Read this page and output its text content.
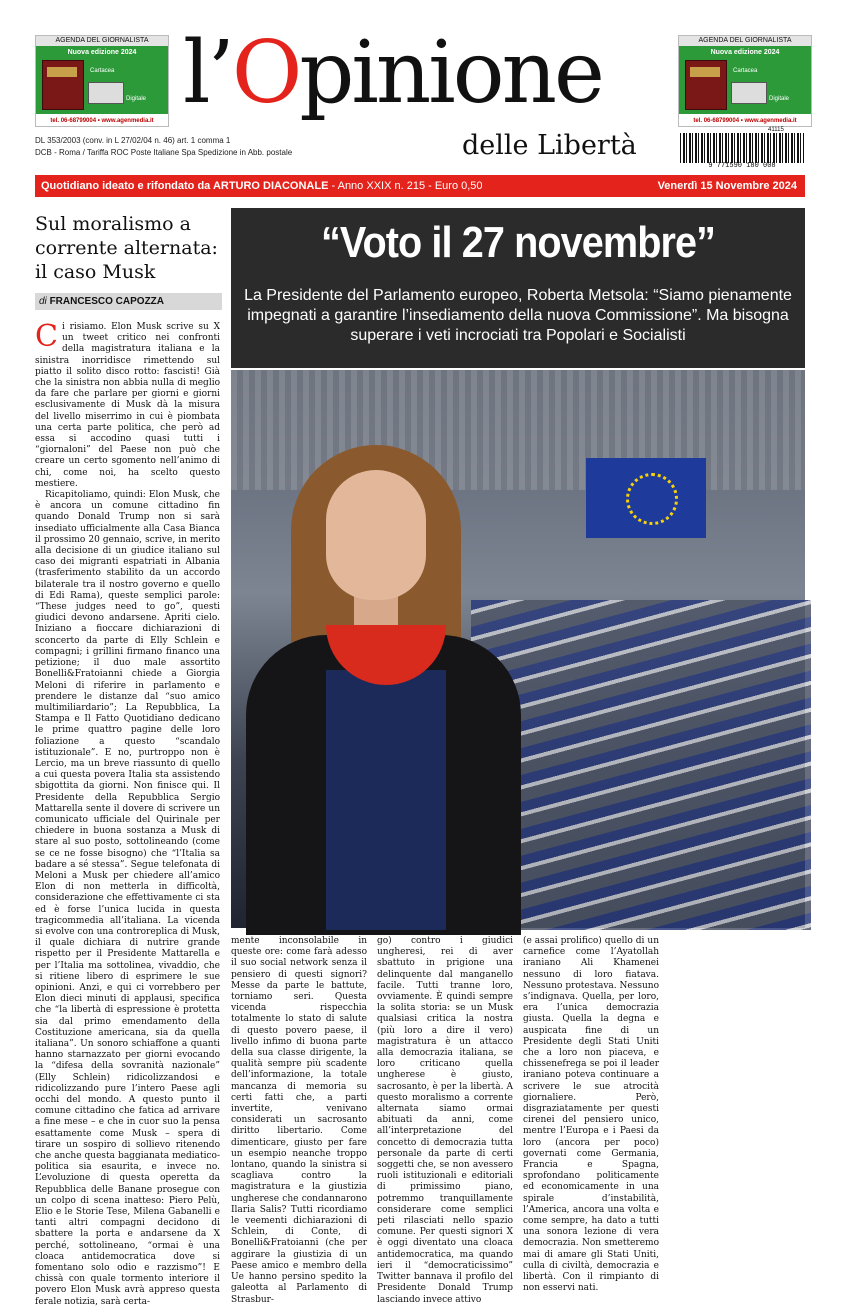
AGENDA DEL GIORNALISTA
Nuova edizione 2024
Cartacea
Digitale
tel. 06-68799004 • www.agenmedia.it
AGENDA DEL GIORNALISTA
Nuova edizione 2024
Cartacea
Digitale
tel. 06-68799004 • www.agenmedia.it
l’Opinione
delle Libertà
DL 353/2003 (conv. in L 27/02/04 n. 46) art. 1 comma 1
DCB - Roma / Tariffa ROC Poste Italiane Spa Spedizione in Abb. postale
41115
9 771590 180 008
Quotidiano ideato e rifondato da ARTURO DIACONALE - Anno XXIX n. 215 - Euro 0,50	Venerdì 15 Novembre 2024
Sul moralismo a corrente alternata: il caso Musk
di FRANCESCO CAPOZZA

Ci risiamo. Elon Musk scrive su X un tweet critico nei confronti della magistratura italiana e la sinistra inorridisce rimettendo sul piatto il solito disco rotto: fascisti! Già che la sinistra non abbia nulla di meglio da fare che parlare per giorni e giorni esclusivamente di Musk dà la misura del livello miserrimo in cui è piombata una certa parte politica, che però ad essa si accodino quasi tutti i “giornaloni” del Paese non può che creare un certo sgomento nell’animo di chi, come noi, ha scelto questo mestiere.

Ricapitoliamo, quindi: Elon Musk, che è ancora un comune cittadino fin quando Donald Trump non si sarà insediato ufficialmente alla Casa Bianca il prossimo 20 gennaio, scrive, in merito alla decisione di un giudice italiano sul caso dei migranti espatriati in Albania (trasferimento stabilito da un accordo bilaterale tra il nostro governo e quello di Edi Rama), queste semplici parole: “These judges need to go”, questi giudici devono andarsene. Apriti cielo. Iniziano a fioccare dichiarazioni di sconcerto da parte di Elly Schlein e compagni; i grillini firmano financo una petizione; il duo male assortito Bonelli&Fratoianni chiede a Giorgia Meloni di riferire in parlamento e prendere le distanze dal “suo amico multimiliardario”; La Repubblica, La Stampa e Il Fatto Quotidiano dedicano le prime quattro pagine delle loro foliazione a questo “scandalo istituzionale”. E no, purtroppo non è Lercio, ma un breve riassunto di quello a cui questa povera Italia sta assistendo sbigottita da giorni. Non finisce qui. Il Presidente della Repubblica Sergio Mattarella sente il dovere di scrivere un comunicato ufficiale del Quirinale per chiedere in buona sostanza a Musk di stare al suo posto, sottolineando (come se ce ne fosse bisogno) che “l’Italia sa badare a sé stessa”. Segue telefonata di Meloni a Musk per chiedere all’amico Elon di non metterla in difficoltà, considerazione che effettivamente ci sta ed è forse l’unica lucida in questa tragicommedia all’italiana. La vicenda si evolve con una controreplica di Musk, il quale dichiara di nutrire grande rispetto per il Presidente Mattarella e per l’Italia ma sottolinea, vivaddio, che si ritiene libero di esprimere le sue opinioni. Anzi, e qui ci vorrebbero per Elon dieci minuti di applausi, specifica che “la libertà di espressione è protetta sia dal primo emendamento della Costituzione americana, sia da quella italiana”. Un sonoro schiaffone a quanti hanno starnazzato per giorni evocando la “difesa della sovranità nazionale” (Elly Schlein) ridicolizzandosi e ridicolizzando pure l’intero Paese agli occhi del mondo. A questo punto il comune cittadino che fatica ad arrivare a fine mese – e che in cuor suo la pensa esattamente come Musk – spera di tirare un sospiro di sollievo ritenendo che anche questa baggianata mediatico-politica sia esaurita, e invece no. L’evoluzione di questa operetta da Repubblica delle Banane prosegue con un colpo di scena inatteso: Piero Pelù, Elio e le Storie Tese, Milena Gabanelli e tanti altri compagni decidono di sbattere la porta e andarsene da X perché, sottolineano, “ormai è una cloaca antidemocratica dove si fomentano solo odio e razzismo”! E chissà con quale tormento interiore il povero Elon Musk avrà appreso questa ferale notizia, sarà certa-

“Voto il 27 novembre”
La Presidente del Parlamento europeo, Roberta Metsola: “Siamo pienamente impegnati a garantire l’insediamento della nuova Commissione”. Ma bisogna superare i veti incrociati tra Popolari e Socialisti

mente inconsolabile in queste ore: come farà adesso il suo social network senza il pensiero di questi signori? Messe da parte le battute, torniamo seri. Questa vicenda rispecchia totalmente lo stato di salute di questo povero paese, il livello infimo di buona parte della sua classe dirigente, la qualità sempre più scadente dell’informazione, la totale mancanza di memoria su certi fatti che, a parti invertite, venivano considerati un sacrosanto diritto libertario. Come dimenticare, giusto per fare un esempio neanche troppo lontano, quando la sinistra si scagliava contro la magistratura e la giustizia ungherese che condannarono Ilaria Salis? Tutti ricordiamo le veementi dichiarazioni di Schlein, di Conte, di Bonelli&Fratoianni (che per aggirare la giustizia di un Paese amico e membro della Ue hanno persino spedito la galeotta al Parlamento di Strasbur-

go) contro i giudici ungheresi, rei di aver sbattuto in prigione una delinquente dal manganello facile. Tutti tranne loro, ovviamente. È quindi sempre la solita storia: se un Musk qualsiasi critica la nostra (più loro a dire il vero) magistratura è un attacco alla democrazia italiana, se loro criticano quella ungherese è giusto, sacrosanto, è per la libertà. A questo moralismo a corrente alternata siamo ormai abituati da anni, come all’interpretazione del concetto di democrazia tutta personale da parte di certi soggetti che, se non avessero ruoli istituzionali e editoriali di primissimo piano, potremmo tranquillamente considerare come semplici peti rilasciati nello spazio comune. Per questi signori X è oggi diventato una cloaca antidemocratica, ma quando ieri il “democraticissimo” Twitter bannava il profilo del Presidente Donald Trump lasciando invece attivo

(e assai prolifico) quello di un carnefice come l’Ayatollah iraniano Ali Khamenei nessuno di loro fiatava. Nessuno protestava. Nessuno s’indignava. Quella, per loro, era l’unica democrazia giusta. Quella la degna e auspicata fine di un Presidente degli Stati Uniti che a loro non piaceva, e chissenefrega se poi il leader iraniano poteva continuare a scrivere le sue atrocità giornaliere. Però, disgraziatamente per questi cirenei del pensiero unico, mentre l’Europa e i Paesi da loro (ancora per poco) governati come Germania, Francia e Spagna, sprofondano politicamente ed economicamente in una spirale d’instabilità, l’America, ancora una volta e come sempre, ha dato a tutti una sonora lezione di vera democrazia. Non smetteremo mai di amare gli Stati Uniti, culla di civiltà, democrazia e libertà. Con il rimpianto di non esservi nati.
